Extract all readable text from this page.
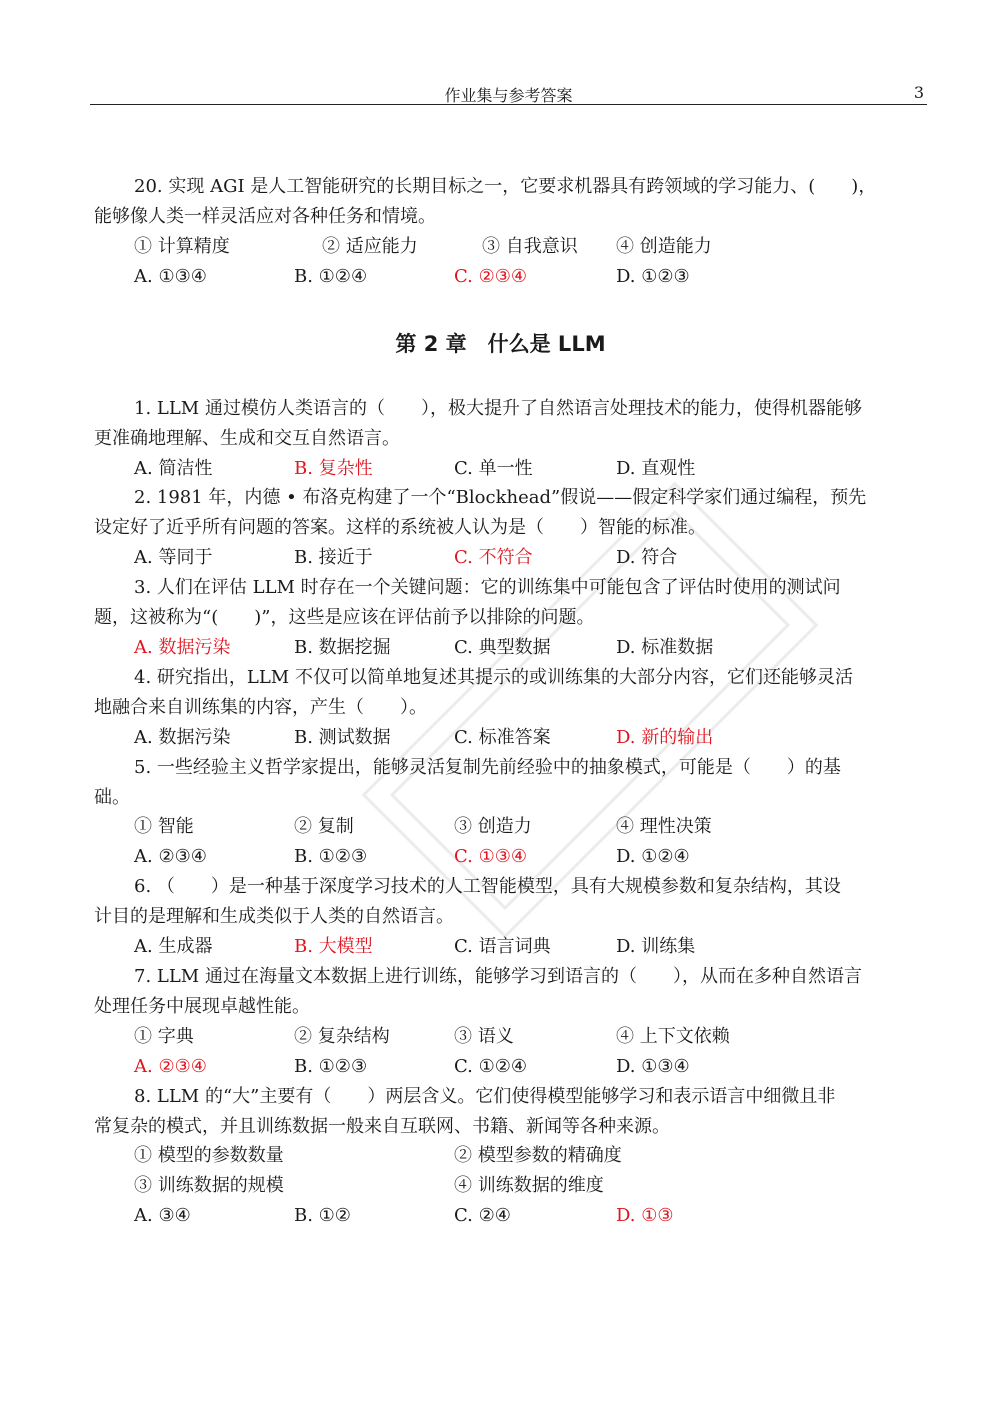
作业集与参考答案	3
20. 实现 AGI 是人工智能研究的长期目标之一，它要求机器具有跨领域的学习能力、(　　)，
能够像人类一样灵活应对各种任务和情境。
① 计算精度	② 适应能力	③ 自我意识 ④ 创造能力
A. ①③④	B. ①②④	C. ②③④	D. ①②③
第 2 章　什么是 LLM
1. LLM 通过模仿人类语言的（　　），极大提升了自然语言处理技术的能力，使得机器能够
更准确地理解、生成和交互自然语言。
A. 简洁性	B. 复杂性	C. 单一性	D. 直观性
2. 1981 年，内德 • 布洛克构建了一个“Blockhead”假说——假定科学家们通过编程，预先
设定好了近乎所有问题的答案。这样的系统被人认为是（　　）智能的标准。
A. 等同于	B. 接近于	C. 不符合	D. 符合
3. 人们在评估 LLM 时存在一个关键问题：它的训练集中可能包含了评估时使用的测试问
题，这被称为“(　　)”，这些是应该在评估前予以排除的问题。
A. 数据污染	B. 数据挖掘	C. 典型数据	D. 标准数据
4. 研究指出，LLM 不仅可以简单地复述其提示的或训练集的大部分内容，它们还能够灵活
地融合来自训练集的内容，产生（　　）。
A. 数据污染	B. 测试数据	C. 标准答案	D. 新的输出
5. 一些经验主义哲学家提出，能够灵活复制先前经验中的抽象模式，可能是（　　）的基
础。
① 智能	② 复制	③ 创造力	④ 理性决策
A. ②③④	B. ①②③	C. ①③④	D. ①②④
6. （　　）是一种基于深度学习技术的人工智能模型，具有大规模参数和复杂结构，其设
计目的是理解和生成类似于人类的自然语言。
A. 生成器	B. 大模型	C. 语言词典	D. 训练集
7. LLM 通过在海量文本数据上进行训练，能够学习到语言的（　　），从而在多种自然语言
处理任务中展现卓越性能。
① 字典	② 复杂结构	③ 语义	④ 上下文依赖
A. ②③④	B. ①②③	C. ①②④	D. ①③④
8. LLM 的“大”主要有（　　）两层含义。它们使得模型能够学习和表示语言中细微且非
常复杂的模式，并且训练数据一般来自互联网、书籍、新闻等各种来源。
① 模型的参数数量	② 模型参数的精确度
③ 训练数据的规模	④ 训练数据的维度
A. ③④	B. ①②	C. ②④	D. ①③
